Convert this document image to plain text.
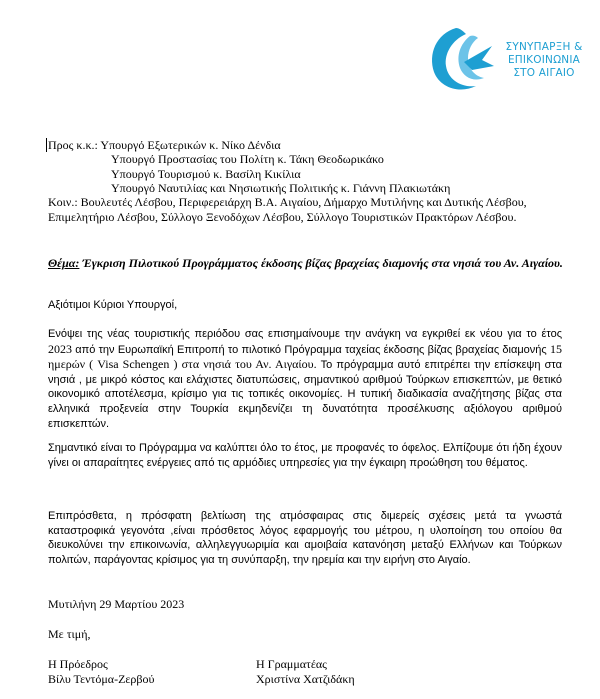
ΣΥΝΥΠΑΡΞΗ &
ΕΠΙΚΟΙΝΩΝΙΑ
ΣΤΟ ΑΙΓΑΙΟ
Προς κ.κ.: Υπουργό Εξωτερικών κ. Νίκο Δένδια
Υπουργό Προστασίας του Πολίτη κ. Τάκη Θεοδωρικάκο
Υπουργό Τουρισμού κ. Βασίλη Κικίλια
Υπουργό Ναυτιλίας και Νησιωτικής Πολιτικής κ. Γιάννη Πλακιωτάκη
Κοιν.: Βουλευτές Λέσβου, Περιφερειάρχη Β.Α. Αιγαίου, Δήμαρχο Μυτιλήνης και Δυτικής Λέσβου, Επιμελητήριο Λέσβου, Σύλλογο Ξενοδόχων Λέσβου, Σύλλογο Τουριστικών Πρακτόρων Λέσβου.
Θέμα: Έγκριση Πιλοτικού Προγράμματος έκδοσης βίζας βραχείας διαμονής στα νησιά του Αν. Αιγαίου.
Αξιότιμοι Κύριοι Υπουργοί,
Ενόψει της νέας τουριστικής περιόδου σας επισημαίνουμε την ανάγκη να εγκριθεί εκ νέου για το έτος 2023 από την Ευρωπαϊκή Επιτροπή το πιλοτικό Πρόγραμμα ταχείας έκδοσης βίζας βραχείας διαμονής 15 ημερών ( Visa Schengen ) στα νησιά του Αν. Αιγαίου. Το πρόγραμμα αυτό επιτρέπει την επίσκεψη στα νησιά , με μικρό κόστος και ελάχιστες διατυπώσεις, σημαντικού αριθμού Τούρκων επισκεπτών, με θετικό οικονομικό αποτέλεσμα, κρίσιμο για τις τοπικές οικονομίες. Η τυπική διαδικασία αναζήτησης βίζας στα ελληνικά προξενεία στην Τουρκία εκμηδενίζει τη δυνατότητα προσέλκυσης αξιόλογου αριθμού επισκεπτών.
Σημαντικό είναι το Πρόγραμμα να καλύπτει όλο το έτος, με προφανές το όφελος. Ελπίζουμε ότι ήδη έχουν γίνει οι απαραίτητες ενέργειες από τις αρμόδιες υπηρεσίες για την έγκαιρη προώθηση του θέματος.
Επιπρόσθετα, η πρόσφατη βελτίωση της ατμόσφαιρας στις διμερείς σχέσεις μετά τα γνωστά καταστροφικά γεγονότα ,είναι πρόσθετος λόγος εφαρμογής του μέτρου, η υλοποίηση του οποίου θα διευκολύνει την επικοινωνία, αλληλεγγυωριμία και αμοιβαία κατανόηση μεταξύ Ελλήνων και Τούρκων πολιτών, παράγοντας κρίσιμος για τη συνύπαρξη, την ηρεμία και την ειρήνη στο Αιγαίο.
Μυτιλήνη 29 Μαρτίου 2023
Με τιμή,
Η Πρόεδρος
Βίλυ Τεντόμα-Ζερβού
Η Γραμματέας
Χριστίνα Χατζιδάκη
